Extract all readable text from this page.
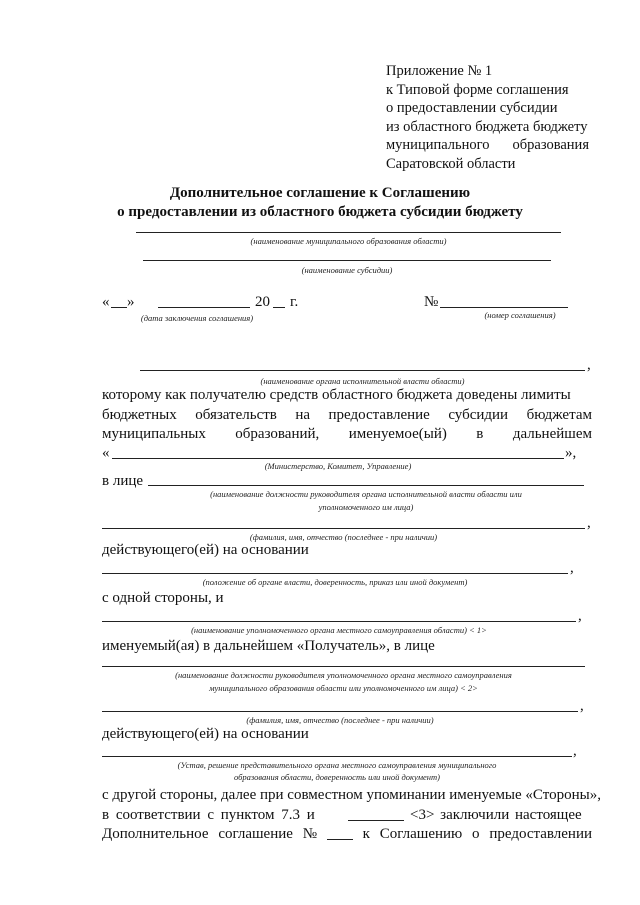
Приложение № 1
к Типовой форме соглашения
о предоставлении субсидии
из областного бюджета бюджету
муниципального образования
Саратовской области
Дополнительное соглашение к Соглашению
о предоставлении из областного бюджета субсидии бюджету
(наименование муниципального образования области)
(наименование субсидии)
« »	20 г.	№
(дата заключения соглашения)	(номер соглашения)
,
(наименование органа исполнительной власти области)
которому как получателю средств областного бюджета доведены лимиты
бюджетных обязательств на предоставление субсидии бюджетам
муниципальных образований, именуемое(ый) в дальнейшем
«	»,
(Министерство, Комитет, Управление)
в лице
(наименование должности руководителя органа исполнительной власти области или
уполномоченного им лица)
,
(фамилия, имя, отчество (последнее - при наличии)
действующего(ей) на основании
,
(положение об органе власти, доверенность, приказ или иной документ)
с одной стороны, и
,
(наименование уполномоченного органа местного самоуправления области) < 1>
именуемый(ая) в дальнейшем «Получатель», в лице
(наименование должности руководителя уполномоченного органа местного самоуправления
муниципального образования области или уполномоченного им лица) < 2>
,
(фамилия, имя, отчество (последнее - при наличии)
действующего(ей) на основании
,
(Устав, решение представительного органа местного самоуправления муниципального
образования области, доверенность или иной документ)
с другой стороны, далее при совместном упоминании именуемые «Стороны»,
в соответствии с пунктом 7.3 и	<3> заключили настоящее
Дополнительное соглашение №	к Соглашению о предоставлении
